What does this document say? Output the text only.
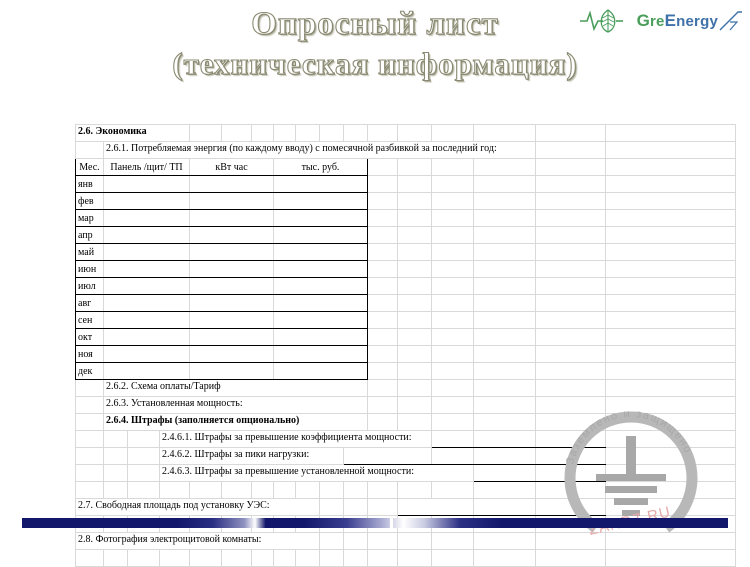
Опросный лист
(техническая информация)
GreEnergy
Заземлено и защищено
2.6. Экономика																

	2.6.1. Потребляемая энергия (по каждому вводу) с помесячной разбивкой за последний год:															

Мес.	Панель /щит/ ТП			кВт час			тыс. руб.									
янв																
фев																
мар																
апр																
май																
июн																
июл																
авг																
сен																
окт																
ноя																
дек																

	2.6.2. Схема оплаты/Тариф															

	2.6.3. Установленная мощность:															

	2.6.4. Штрафы (заполняется опционально)															

			2.4.6.1. Штрафы за превышение коэффициента мощности:													

			2.4.6.2. Штрафы за пики нагрузки:													

			2.4.6.3. Штрафы за превышение установленной мощности:													

2.7. Свободная площадь под установку УЭС:																

2.8. Фотография электрощитовой комнаты:																
